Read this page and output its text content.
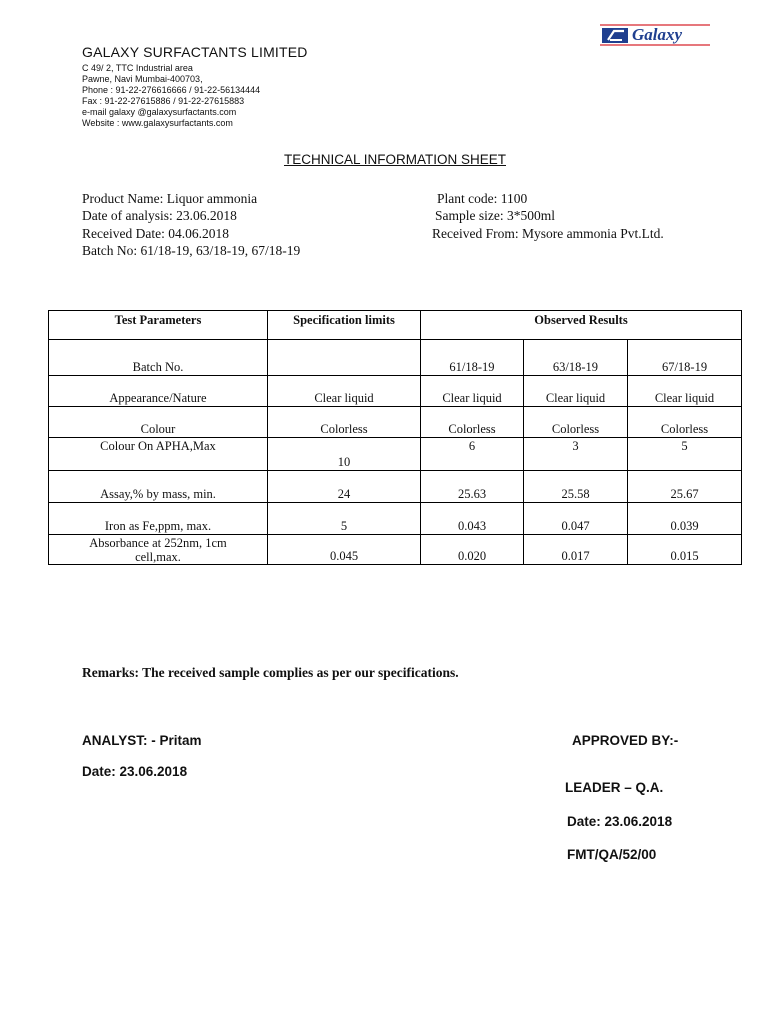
GALAXY SURFACTANTS LIMITED
C 49/ 2, TTC Industrial area
Pawne, Navi Mumbai-400703,
Phone : 91-22-27661​6666 / 91-22-56134444
Fax : 91-22-27615886 / 91-22-27615883
e-mail galaxy @galaxysurfactants.com
Website : www.galaxysurfactants.com
Galaxy
TECHNICAL INFORMATION SHEET
Product Name: Liquor ammonia	Plant code: 1100
Date of analysis: 23.06.2018	Sample size: 3*500ml
Received Date: 04.06.2018	Received From: Mysore ammonia Pvt.Ltd.
Batch No: 61/18-19, 63/18-19, 67/18-19
Test Parameters	Specification limits	Observed Results		
Batch No.		61/18-19	63/18-19	67/18-19
Appearance/Nature	Clear liquid	Clear liquid	Clear liquid	Clear liquid
Colour	Colorless	Colorless	Colorless	Colorless
Colour On APHA,Max	10	6	3	5
Assay,% by mass, min.	24	25.63	25.58	25.67
Iron as Fe,ppm, max.	5	0.043	0.047	0.039

Absorbance at 252nm, 1cm
cell,max.	0.045	0.020	0.017	0.015
Remarks: The received sample complies as per our specifications.
ANALYST: - Pritam
Date: 23.06.2018
APPROVED BY:-
LEADER – Q.A.
Date: 23.06.2018
FMT/QA/52/00
